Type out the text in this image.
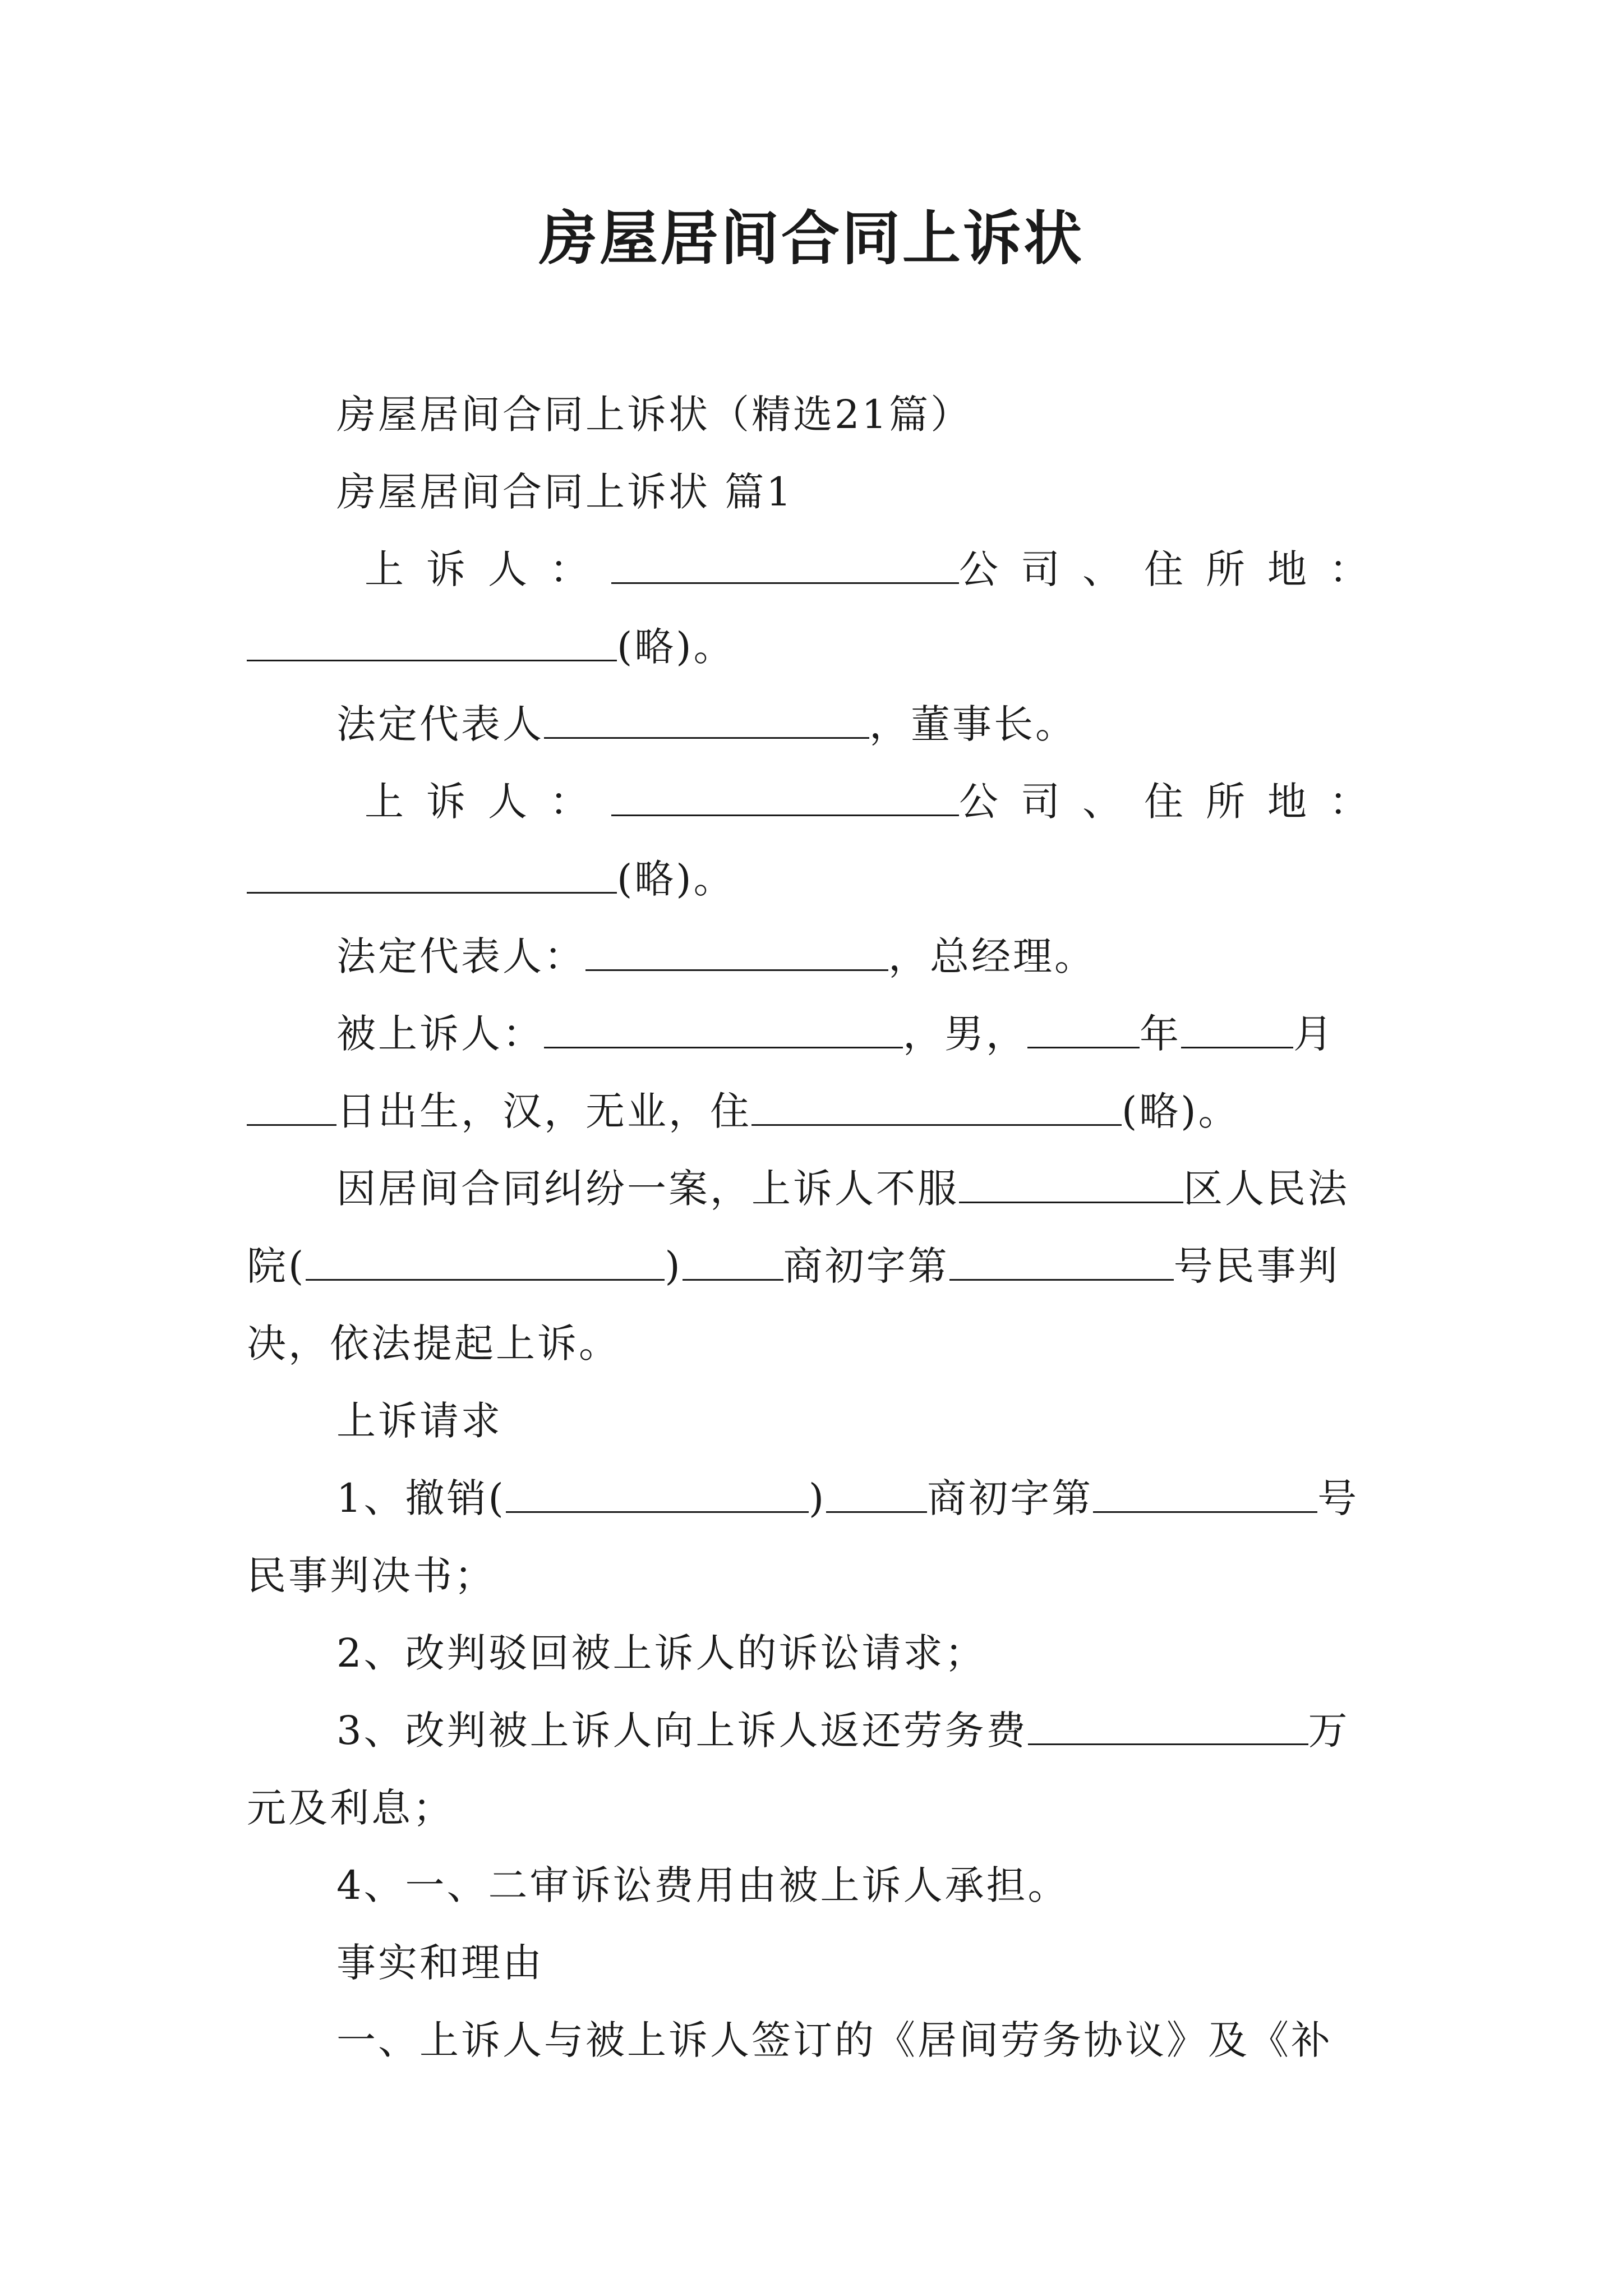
房屋居间合同上诉状
房屋居间合同上诉状（精选21篇）
房屋居间合同上诉状 篇1
上诉人：	公司、住所地：
(略)。
法定代表人	，董事长。
上诉人：	公司、住所地：
(略)。
法定代表人：	，总经理。
被上诉人：	，男，	年	月
日出生，汉，无业，住	(略)。
因居间合同纠纷一案，上诉人不服	区人民法
院(	)	商初字第	号民事判
决，依法提起上诉。
上诉请求
1、撤销(	)	商初字第	号
民事判决书；
2、改判驳回被上诉人的诉讼请求；
3、改判被上诉人向上诉人返还劳务费	万
元及利息；
4、一、二审诉讼费用由被上诉人承担。
事实和理由
一、上诉人与被上诉人签订的《居间劳务协议》及《补
